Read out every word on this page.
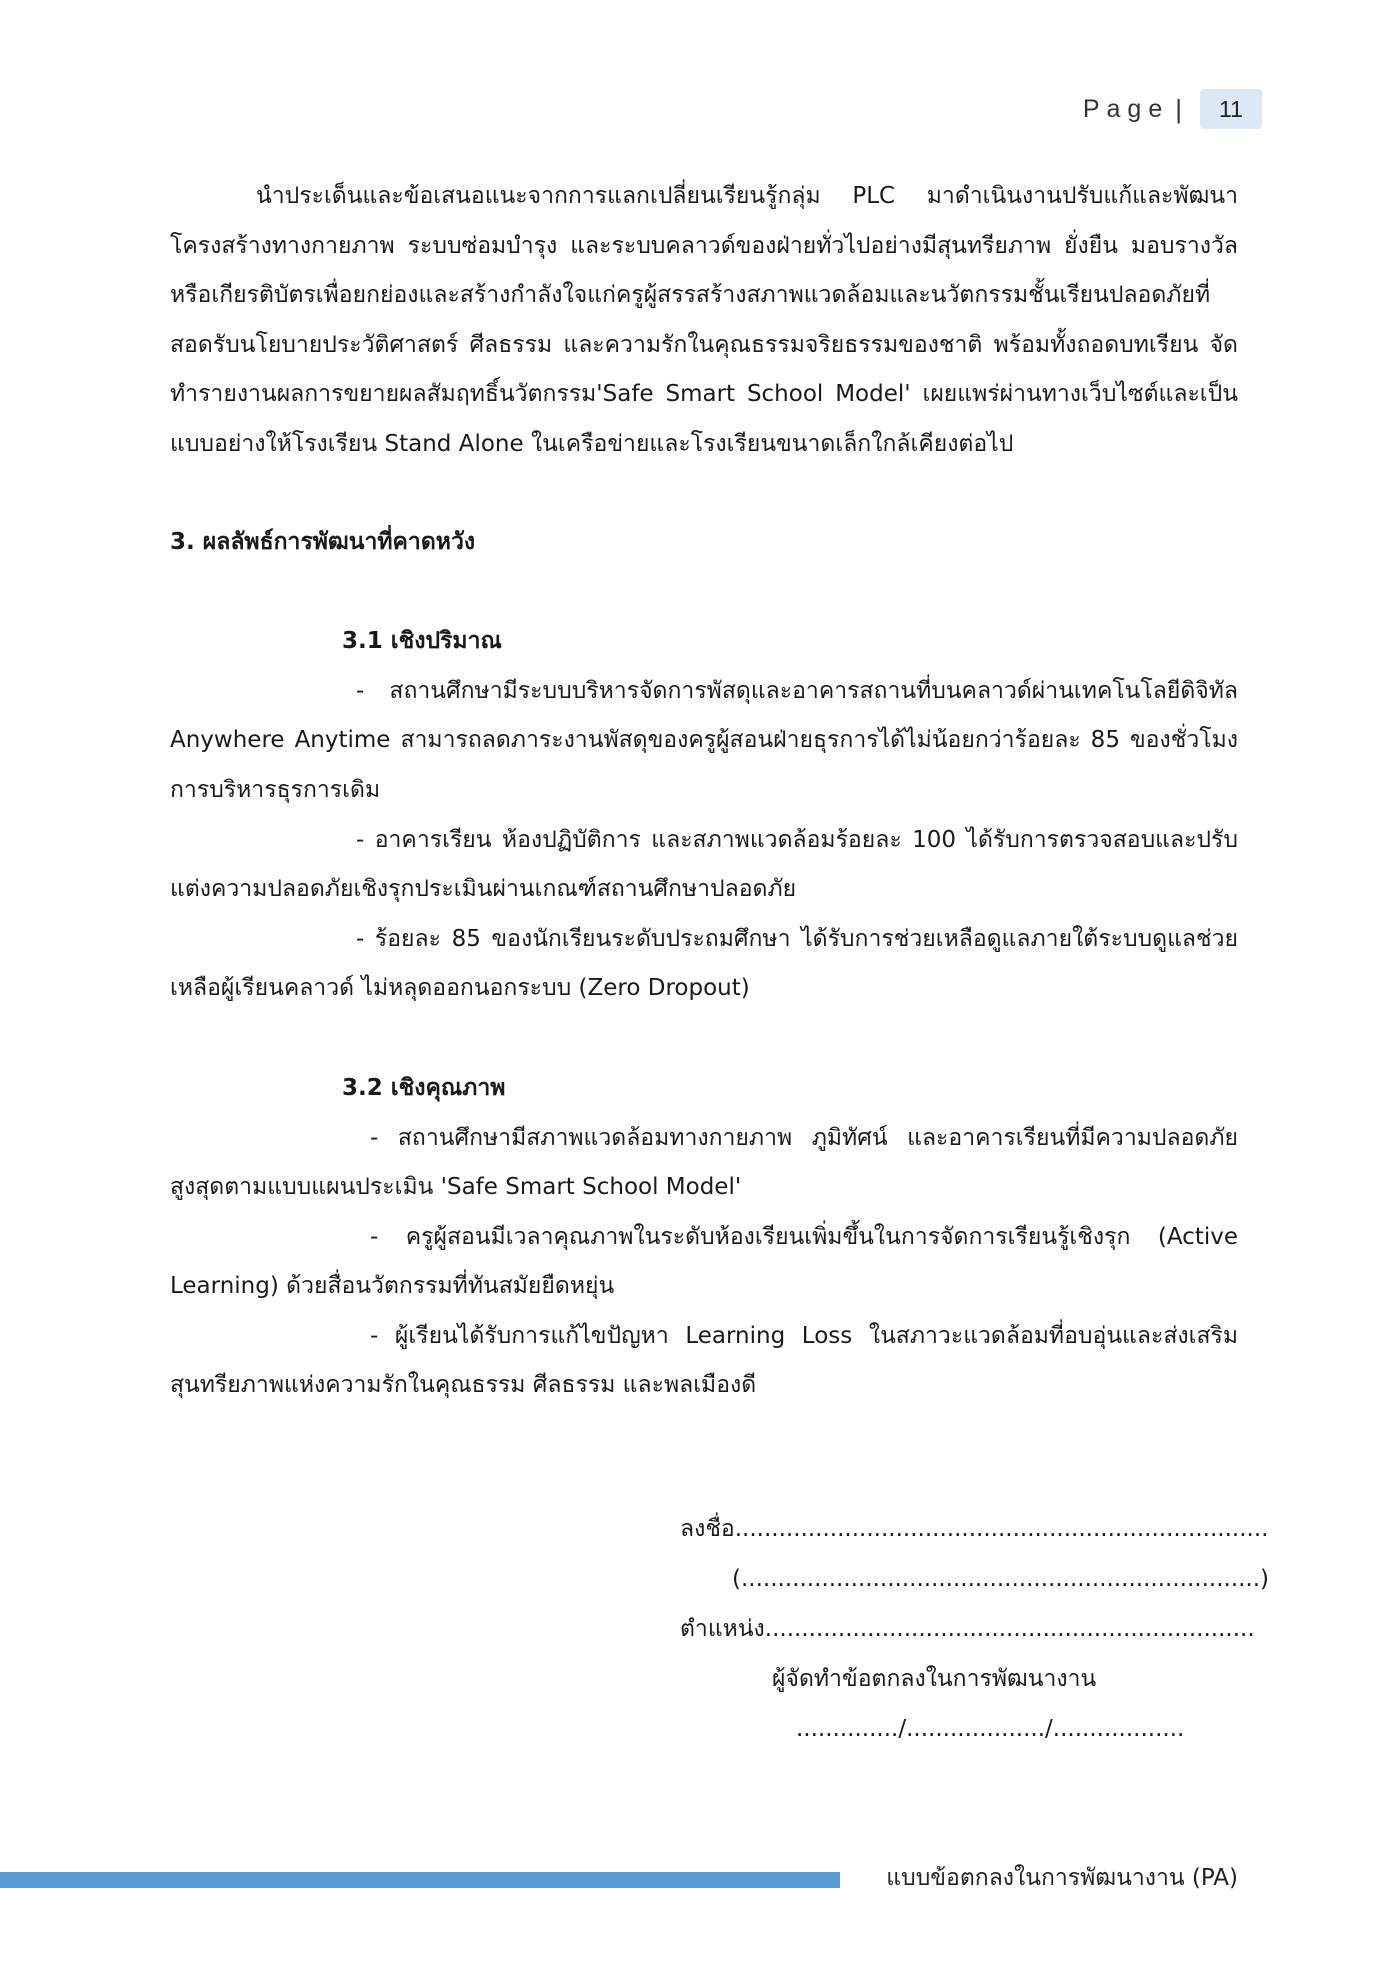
Page |	11

นำประเด็นและข้อเสนอแนะจากการแลกเปลี่ยนเรียนรู้กลุ่ม PLC มาดำเนินงานปรับแก้และพัฒนาโครงสร้างทางกายภาพ ระบบซ่อมบำรุง และระบบคลาวด์ของฝ่ายทั่วไปอย่างมีสุนทรียภาพ ยั่งยืน มอบรางวัลหรือเกียรติบัตรเพื่อยกย่องและสร้างกำลังใจแก่ครูผู้สรรสร้างสภาพแวดล้อมและนวัตกรรมชั้นเรียนปลอดภัยที่สอดรับนโยบายประวัติศาสตร์ ศีลธรรม และความรักในคุณธรรมจริยธรรมของชาติ พร้อมทั้งถอดบทเรียน จัดทำรายงานผลการขยายผลสัมฤทธิ์นวัตกรรม'Safe Smart School Model' เผยแพร่ผ่านทางเว็บไซต์และเป็นแบบอย่างให้โรงเรียน Stand Alone ในเครือข่ายและโรงเรียนขนาดเล็กใกล้เคียงต่อไป

3. ผลลัพธ์การพัฒนาที่คาดหวัง

3.1 เชิงปริมาณ

- สถานศึกษามีระบบบริหารจัดการพัสดุและอาคารสถานที่บนคลาวด์ผ่านเทคโนโลยีดิจิทัล Anywhere Anytime สามารถลดภาระงานพัสดุของครูผู้สอนฝ่ายธุรการได้ไม่น้อยกว่าร้อยละ 85 ของชั่วโมงการบริหารธุรการเดิม

- อาคารเรียน ห้องปฏิบัติการ และสภาพแวดล้อมร้อยละ 100 ได้รับการตรวจสอบและปรับแต่งความปลอดภัยเชิงรุกประเมินผ่านเกณฑ์สถานศึกษาปลอดภัย

- ร้อยละ 85 ของนักเรียนระดับประถมศึกษา ได้รับการช่วยเหลือดูแลภายใต้ระบบดูแลช่วยเหลือผู้เรียนคลาวด์ ไม่หลุดออกนอกระบบ (Zero Dropout)

3.2 เชิงคุณภาพ

- สถานศึกษามีสภาพแวดล้อมทางกายภาพ ภูมิทัศน์ และอาคารเรียนที่มีความปลอดภัยสูงสุดตามแบบแผนประเมิน 'Safe Smart School Model'

- ครูผู้สอนมีเวลาคุณภาพในระดับห้องเรียนเพิ่มขึ้นในการจัดการเรียนรู้เชิงรุก (Active Learning) ด้วยสื่อนวัตกรรมที่ทันสมัยยืดหยุ่น

- ผู้เรียนได้รับการแก้ไขปัญหา Learning Loss ในสภาวะแวดล้อมที่อบอุ่นและส่งเสริมสุนทรียภาพแห่งความรักในคุณธรรม ศีลธรรม และพลเมืองดี

ลงชื่อ.........................................................................

(.......................................................................)

ตำแหน่ง...................................................................

ผู้จัดทำข้อตกลงในการพัฒนางาน

............../.................../..................

แบบข้อตกลงในการพัฒนางาน (PA)
